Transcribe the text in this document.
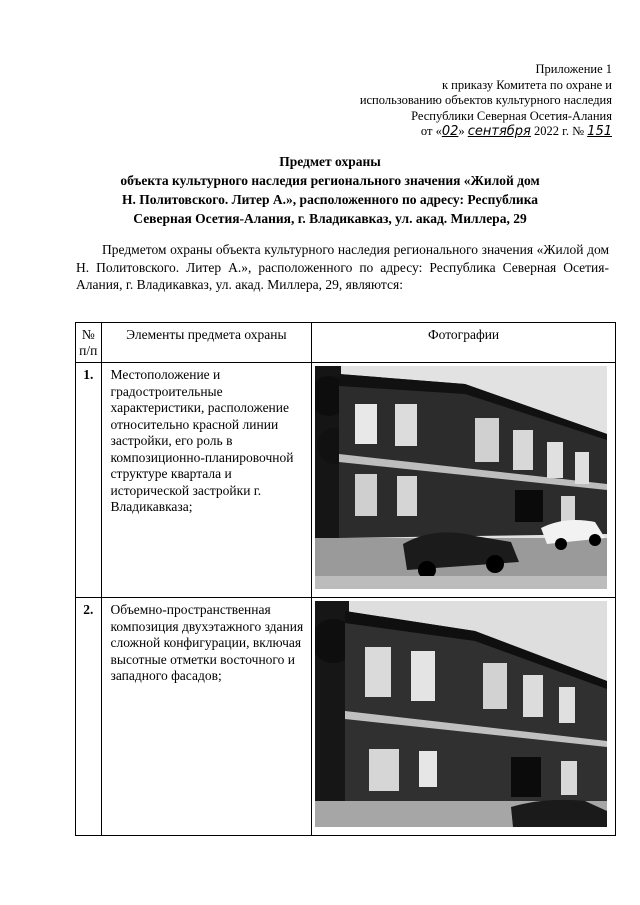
Приложение 1
к приказу Комитета по охране и
использованию объектов культурного наследия
Республики Северная Осетия-Алания
от «02» сентября 2022 г. № 151
Предмет охраны
объекта культурного наследия регионального значения «Жилой дом
Н. Политовского. Литер А.», расположенного по адресу: Республика
Северная Осетия-Алания, г. Владикавказ, ул. акад. Миллера, 29

Предметом охраны объекта культурного наследия регионального значения «Жилой дом Н. Политовского. Литер А.», расположенного по адресу: Республика Северная Осетия-Алания, г. Владикавказ, ул. акад. Миллера, 29, являются:

№
п/п	Элементы предмета охраны	Фотографии

1.	Местоположение и градостроительные характеристики, расположение относительно красной линии застройки, его роль в композиционно-планировочной структуре квартала и исторической застройки г. Владикавказа;

2.	Объемно-пространственная композиция двухэтажного здания сложной конфигурации, включая высотные отметки восточного и западного фасадов;
